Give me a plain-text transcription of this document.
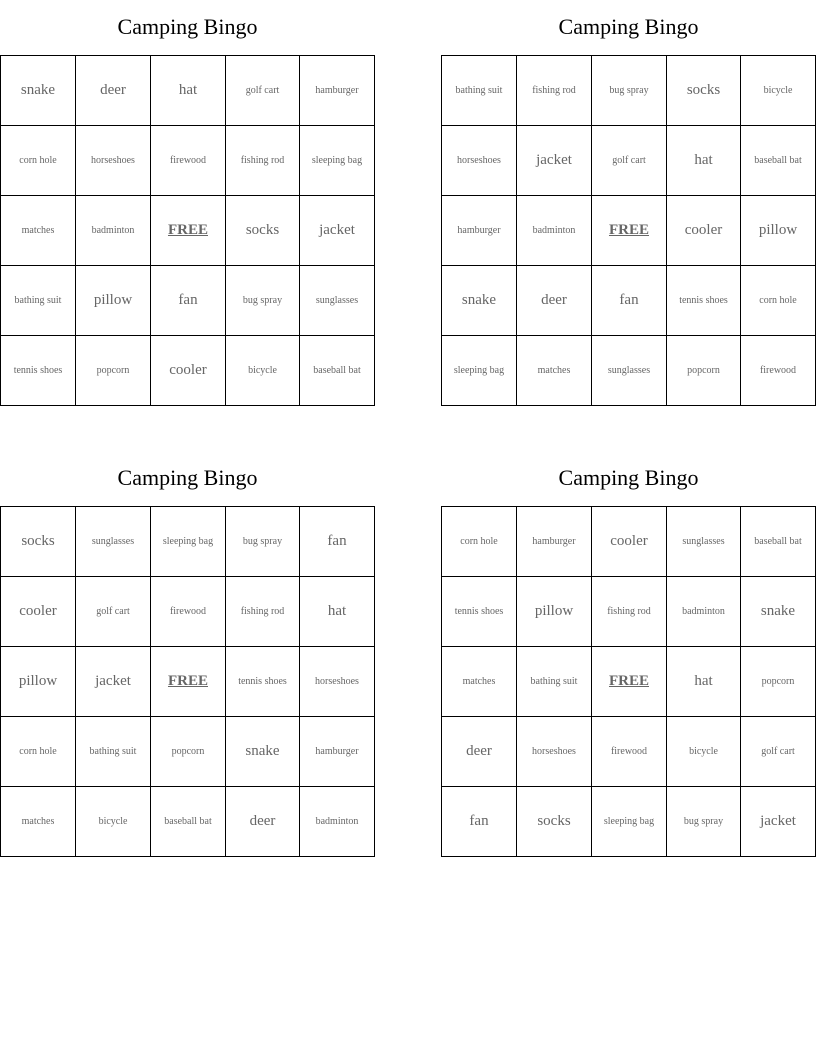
Camping Bingo
snake	deer	hat	golf cart	hamburger
corn hole	horseshoes	firewood	fishing rod	sleeping bag
matches	badminton	FREE	socks	jacket
bathing suit	pillow	fan	bug spray	sunglasses
tennis shoes	popcorn	cooler	bicycle	baseball bat
Camping Bingo
bathing suit	fishing rod	bug spray	socks	bicycle
horseshoes	jacket	golf cart	hat	baseball bat
hamburger	badminton	FREE	cooler	pillow
snake	deer	fan	tennis shoes	corn hole
sleeping bag	matches	sunglasses	popcorn	firewood
Camping Bingo
socks	sunglasses	sleeping bag	bug spray	fan
cooler	golf cart	firewood	fishing rod	hat
pillow	jacket	FREE	tennis shoes	horseshoes
corn hole	bathing suit	popcorn	snake	hamburger
matches	bicycle	baseball bat	deer	badminton
Camping Bingo
corn hole	hamburger	cooler	sunglasses	baseball bat
tennis shoes	pillow	fishing rod	badminton	snake
matches	bathing suit	FREE	hat	popcorn
deer	horseshoes	firewood	bicycle	golf cart
fan	socks	sleeping bag	bug spray	jacket
